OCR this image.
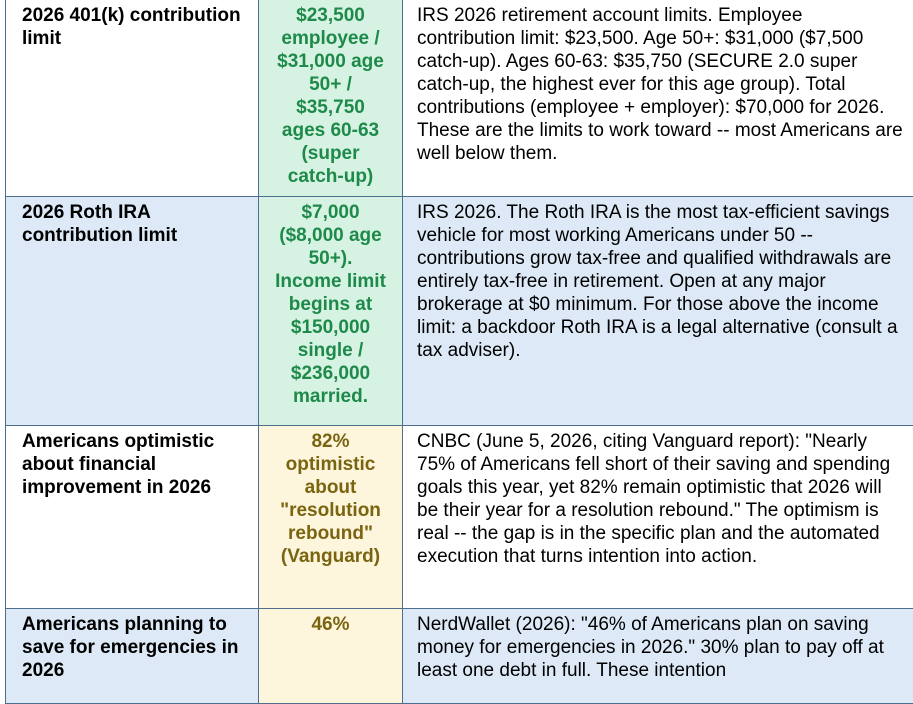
2026 401(k) contribution limit	$23,500 employee / $31,000 age 50+ / $35,750 ages 60-63 (super catch-up)	IRS 2026 retirement account limits. Employee contribution limit: $23,500. Age 50+: $31,000 ($7,500 catch-up). Ages 60-63: $35,750 (SECURE 2.0 super catch-up, the highest ever for this age group). Total contributions (employee + employer): $70,000 for 2026. These are the limits to work toward -- most Americans are well below them.
2026 Roth IRA contribution limit	$7,000 ($8,000 age 50+). Income limit begins at $150,000 single / $236,000 married.	IRS 2026. The Roth IRA is the most tax-efficient savings vehicle for most working Americans under 50 -- contributions grow tax-free and qualified withdrawals are entirely tax-free in retirement. Open at any major brokerage at $0 minimum. For those above the income limit: a backdoor Roth IRA is a legal alternative (consult a tax adviser).
Americans optimistic about financial improvement in 2026	82% optimistic about "resolution rebound" (Vanguard)	CNBC (June 5, 2026, citing Vanguard report): "Nearly 75% of Americans fell short of their saving and spending goals this year, yet 82% remain optimistic that 2026 will be their year for a resolution rebound." The optimism is real -- the gap is in the specific plan and the automated execution that turns intention into action.
Americans planning to save for emergencies in 2026	46%	NerdWallet (2026): "46% of Americans plan on saving money for emergencies in 2026." 30% plan to pay off at least one debt in full. These intention
